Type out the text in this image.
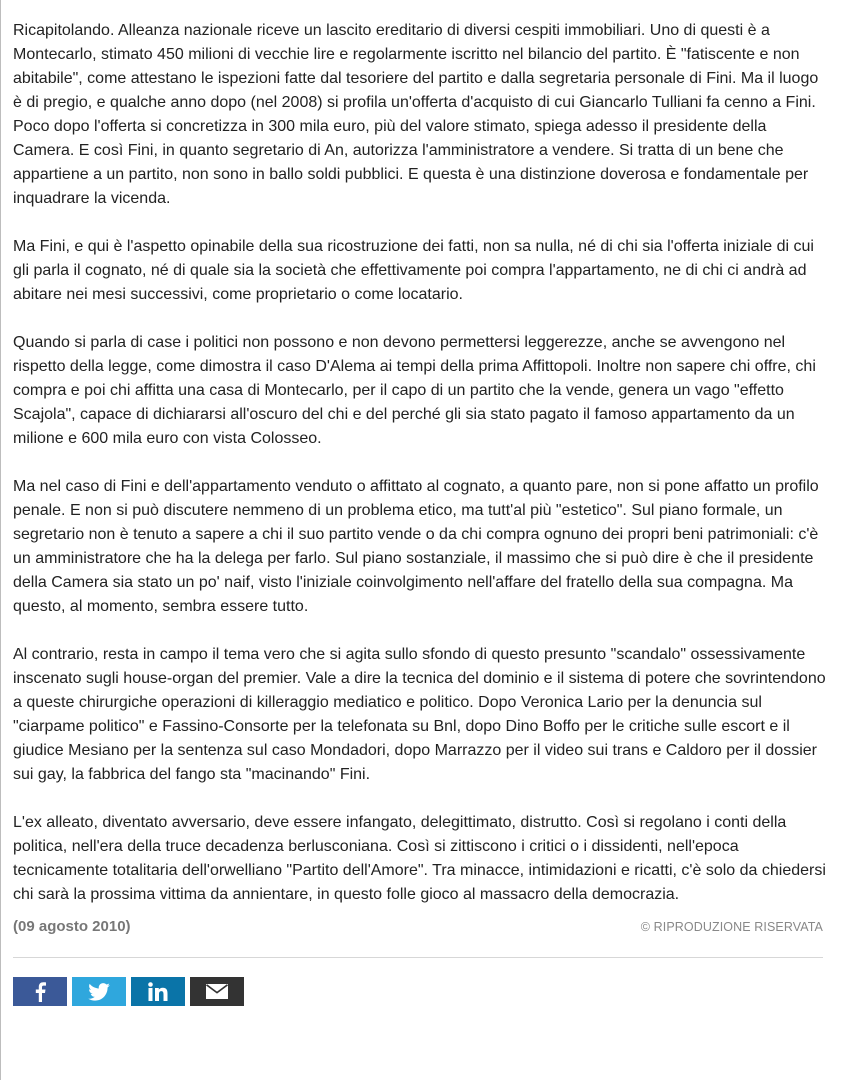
Ricapitolando. Alleanza nazionale riceve un lascito ereditario di diversi cespiti immobiliari. Uno di questi è a Montecarlo, stimato 450 milioni di vecchie lire e regolarmente iscritto nel bilancio del partito. È "fatiscente e non abitabile", come attestano le ispezioni fatte dal tesoriere del partito e dalla segretaria personale di Fini. Ma il luogo è di pregio, e qualche anno dopo (nel 2008) si profila un'offerta d'acquisto di cui Giancarlo Tulliani fa cenno a Fini. Poco dopo l'offerta si concretizza in 300 mila euro, più del valore stimato, spiega adesso il presidente della Camera. E così Fini, in quanto segretario di An, autorizza l'amministratore a vendere. Si tratta di un bene che appartiene a un partito, non sono in ballo soldi pubblici. E questa è una distinzione doverosa e fondamentale per inquadrare la vicenda.

Ma Fini, e qui è l'aspetto opinabile della sua ricostruzione dei fatti, non sa nulla, né di chi sia l'offerta iniziale di cui gli parla il cognato, né di quale sia la società che effettivamente poi compra l'appartamento, ne di chi ci andrà ad abitare nei mesi successivi, come proprietario o come locatario.

Quando si parla di case i politici non possono e non devono permettersi leggerezze, anche se avvengono nel rispetto della legge, come dimostra il caso D'Alema ai tempi della prima Affittopoli. Inoltre non sapere chi offre, chi compra e poi chi affitta una casa di Montecarlo, per il capo di un partito che la vende, genera un vago "effetto Scajola", capace di dichiararsi all'oscuro del chi e del perché gli sia stato pagato il famoso appartamento da un milione e 600 mila euro con vista Colosseo.

Ma nel caso di Fini e dell'appartamento venduto o affittato al cognato, a quanto pare, non si pone affatto un profilo penale. E non si può discutere nemmeno di un problema etico, ma tutt'al più "estetico". Sul piano formale, un segretario non è tenuto a sapere a chi il suo partito vende o da chi compra ognuno dei propri beni patrimoniali: c'è un amministratore che ha la delega per farlo. Sul piano sostanziale, il massimo che si può dire è che il presidente della Camera sia stato un po' naif, visto l'iniziale coinvolgimento nell'affare del fratello della sua compagna. Ma questo, al momento, sembra essere tutto.

Al contrario, resta in campo il tema vero che si agita sullo sfondo di questo presunto "scandalo" ossessivamente inscenato sugli house-organ del premier. Vale a dire la tecnica del dominio e il sistema di potere che sovrintendono a queste chirurgiche operazioni di killeraggio mediatico e politico. Dopo Veronica Lario per la denuncia sul "ciarpame politico" e Fassino-Consorte per la telefonata su Bnl, dopo Dino Boffo per le critiche sulle escort e il giudice Mesiano per la sentenza sul caso Mondadori, dopo Marrazzo per il video sui trans e Caldoro per il dossier sui gay, la fabbrica del fango sta "macinando" Fini.

L'ex alleato, diventato avversario, deve essere infangato, delegittimato, distrutto. Così si regolano i conti della politica, nell'era della truce decadenza berlusconiana. Così si zittiscono i critici o i dissidenti, nell'epoca tecnicamente totalitaria dell'orwelliano "Partito dell'Amore". Tra minacce, intimidazioni e ricatti, c'è solo da chiedersi chi sarà la prossima vittima da annientare, in questo folle gioco al massacro della democrazia.

(09 agosto 2010)	© RIPRODUZIONE RISERVATA
